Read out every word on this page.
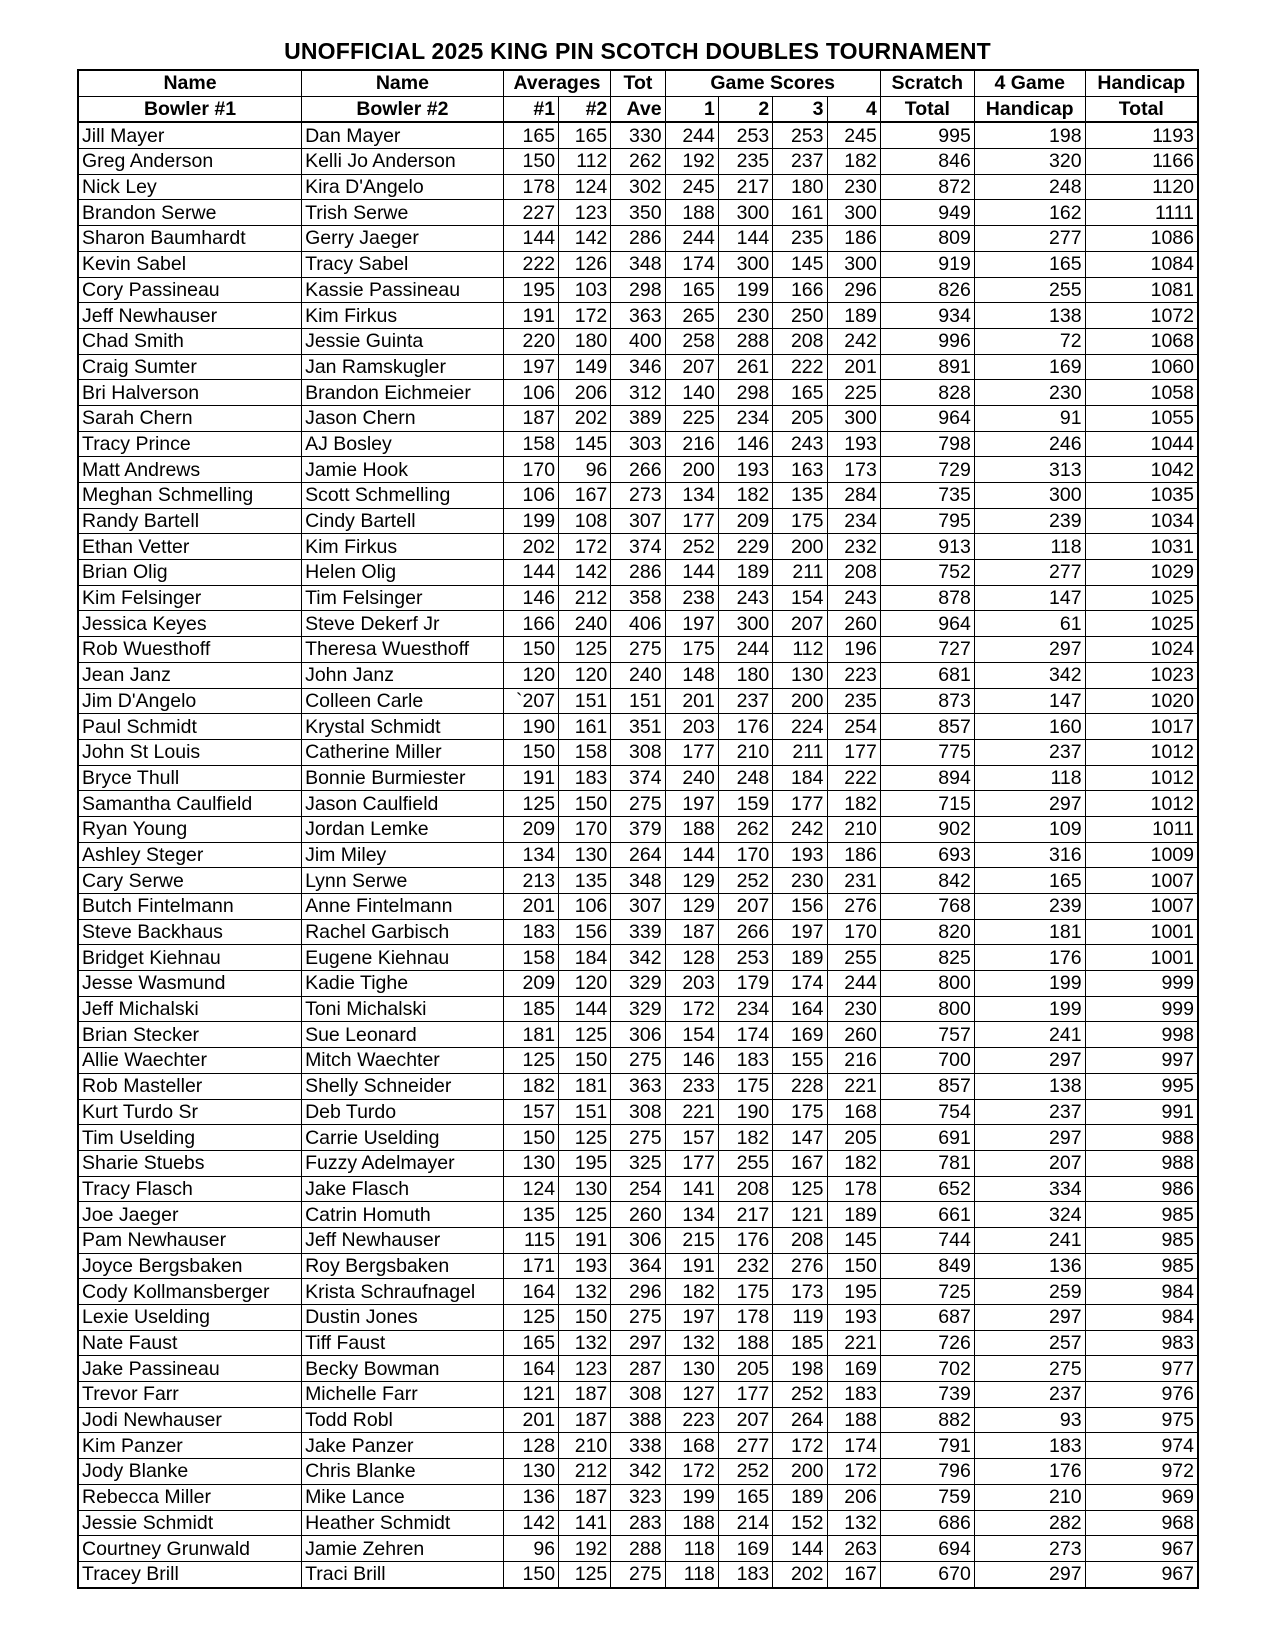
UNOFFICIAL 2025 KING PIN SCOTCH DOUBLES TOURNAMENT
Name	Name	Averages		Tot	Game Scores				Scratch	4 Game	Handicap
Bowler #1	Bowler #2	#1	#2	Ave	1	2	3	4	Total	Handicap	Total
Jill Mayer	Dan Mayer	165	165	330	244	253	253	245	995	198	1193
Greg Anderson	Kelli Jo Anderson	150	112	262	192	235	237	182	846	320	1166
Nick Ley	Kira D'Angelo	178	124	302	245	217	180	230	872	248	1120
Brandon Serwe	Trish Serwe	227	123	350	188	300	161	300	949	162	1111
Sharon Baumhardt	Gerry Jaeger	144	142	286	244	144	235	186	809	277	1086
Kevin Sabel	Tracy Sabel	222	126	348	174	300	145	300	919	165	1084
Cory Passineau	Kassie Passineau	195	103	298	165	199	166	296	826	255	1081
Jeff Newhauser	Kim Firkus	191	172	363	265	230	250	189	934	138	1072
Chad Smith	Jessie Guinta	220	180	400	258	288	208	242	996	72	1068
Craig Sumter	Jan Ramskugler	197	149	346	207	261	222	201	891	169	1060
Bri Halverson	Brandon Eichmeier	106	206	312	140	298	165	225	828	230	1058
Sarah Chern	Jason Chern	187	202	389	225	234	205	300	964	91	1055
Tracy Prince	AJ Bosley	158	145	303	216	146	243	193	798	246	1044
Matt Andrews	Jamie Hook	170	96	266	200	193	163	173	729	313	1042
Meghan Schmelling	Scott Schmelling	106	167	273	134	182	135	284	735	300	1035
Randy Bartell	Cindy Bartell	199	108	307	177	209	175	234	795	239	1034
Ethan Vetter	Kim Firkus	202	172	374	252	229	200	232	913	118	1031
Brian Olig	Helen Olig	144	142	286	144	189	211	208	752	277	1029
Kim Felsinger	Tim Felsinger	146	212	358	238	243	154	243	878	147	1025
Jessica Keyes	Steve Dekerf Jr	166	240	406	197	300	207	260	964	61	1025
Rob Wuesthoff	Theresa Wuesthoff	150	125	275	175	244	112	196	727	297	1024
Jean Janz	John Janz	120	120	240	148	180	130	223	681	342	1023
Jim D'Angelo	Colleen Carle	`207	151	151	201	237	200	235	873	147	1020
Paul Schmidt	Krystal Schmidt	190	161	351	203	176	224	254	857	160	1017
John St Louis	Catherine Miller	150	158	308	177	210	211	177	775	237	1012
Bryce Thull	Bonnie Burmiester	191	183	374	240	248	184	222	894	118	1012
Samantha Caulfield	Jason Caulfield	125	150	275	197	159	177	182	715	297	1012
Ryan Young	Jordan Lemke	209	170	379	188	262	242	210	902	109	1011
Ashley Steger	Jim Miley	134	130	264	144	170	193	186	693	316	1009
Cary Serwe	Lynn Serwe	213	135	348	129	252	230	231	842	165	1007
Butch Fintelmann	Anne Fintelmann	201	106	307	129	207	156	276	768	239	1007
Steve Backhaus	Rachel Garbisch	183	156	339	187	266	197	170	820	181	1001
Bridget Kiehnau	Eugene Kiehnau	158	184	342	128	253	189	255	825	176	1001
Jesse Wasmund	Kadie Tighe	209	120	329	203	179	174	244	800	199	999
Jeff Michalski	Toni Michalski	185	144	329	172	234	164	230	800	199	999
Brian Stecker	Sue Leonard	181	125	306	154	174	169	260	757	241	998
Allie Waechter	Mitch Waechter	125	150	275	146	183	155	216	700	297	997
Rob Masteller	Shelly Schneider	182	181	363	233	175	228	221	857	138	995
Kurt Turdo Sr	Deb Turdo	157	151	308	221	190	175	168	754	237	991
Tim Uselding	Carrie Uselding	150	125	275	157	182	147	205	691	297	988
Sharie Stuebs	Fuzzy Adelmayer	130	195	325	177	255	167	182	781	207	988
Tracy Flasch	Jake Flasch	124	130	254	141	208	125	178	652	334	986
Joe Jaeger	Catrin Homuth	135	125	260	134	217	121	189	661	324	985
Pam Newhauser	Jeff Newhauser	115	191	306	215	176	208	145	744	241	985
Joyce Bergsbaken	Roy Bergsbaken	171	193	364	191	232	276	150	849	136	985
Cody Kollmansberger	Krista Schraufnagel	164	132	296	182	175	173	195	725	259	984
Lexie Uselding	Dustin Jones	125	150	275	197	178	119	193	687	297	984
Nate Faust	Tiff Faust	165	132	297	132	188	185	221	726	257	983
Jake Passineau	Becky Bowman	164	123	287	130	205	198	169	702	275	977
Trevor Farr	Michelle Farr	121	187	308	127	177	252	183	739	237	976
Jodi Newhauser	Todd Robl	201	187	388	223	207	264	188	882	93	975
Kim Panzer	Jake Panzer	128	210	338	168	277	172	174	791	183	974
Jody Blanke	Chris Blanke	130	212	342	172	252	200	172	796	176	972
Rebecca Miller	Mike Lance	136	187	323	199	165	189	206	759	210	969
Jessie Schmidt	Heather Schmidt	142	141	283	188	214	152	132	686	282	968
Courtney Grunwald	Jamie Zehren	96	192	288	118	169	144	263	694	273	967
Tracey Brill	Traci Brill	150	125	275	118	183	202	167	670	297	967
